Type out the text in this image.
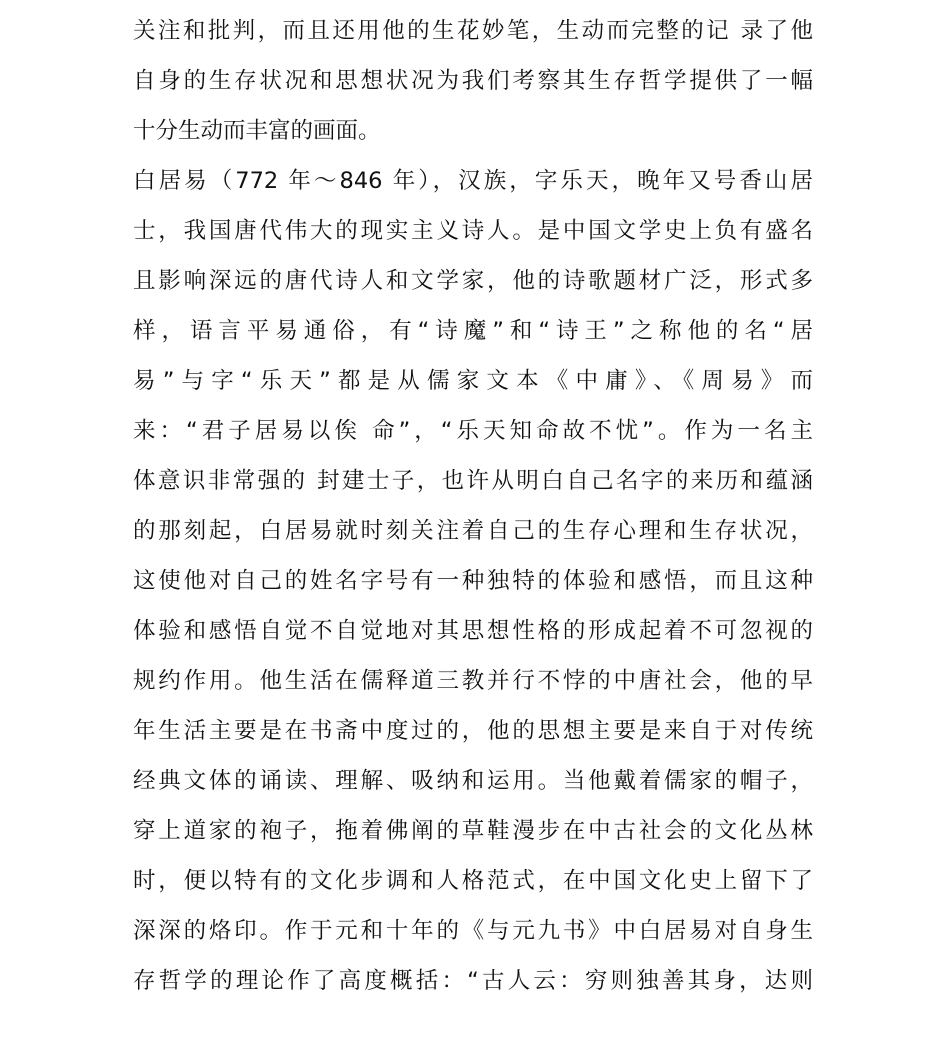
关注和批判，而且还用他的生花妙笔，生动而完整的记 录了他
自身的生存状况和思想状况为我们考察其生存哲学提供了一幅
十分生动而丰富的画面。
白居易（772 年〜846 年），汉族，字乐天，晚年又号香山居
士，我国唐代伟大的现实主义诗人。是中国文学史上负有盛名
且影响深远的唐代诗人和文学家，他的诗歌题材广泛，形式多
样，语言平易通俗，有“诗魔”和“诗王”之称他的名“居
易”与字“乐天”都是从儒家文本《中庸》、《周易》而
来：“君子居易以俟 命”，“乐天知命故不忧”。作为一名主
体意识非常强的 封建士子，也许从明白自己名字的来历和蕴涵
的那刻起，白居易就时刻关注着自己的生存心理和生存状况，
这使他对自己的姓名字号有一种独特的体验和感悟，而且这种
体验和感悟自觉不自觉地对其思想性格的形成起着不可忽视的
规约作用。他生活在儒释道三教并行不悖的中唐社会，他的早
年生活主要是在书斋中度过的，他的思想主要是来自于对传统
经典文体的诵读、理解、吸纳和运用。当他戴着儒家的帽子，
穿上道家的袍子，拖着佛阐的草鞋漫步在中古社会的文化丛林
时，便以特有的文化步调和人格范式，在中国文化史上留下了
深深的烙印。作于元和十年的《与元九书》中白居易对自身生
存哲学的理论作了高度概括：“古人云：穷则独善其身，达则
